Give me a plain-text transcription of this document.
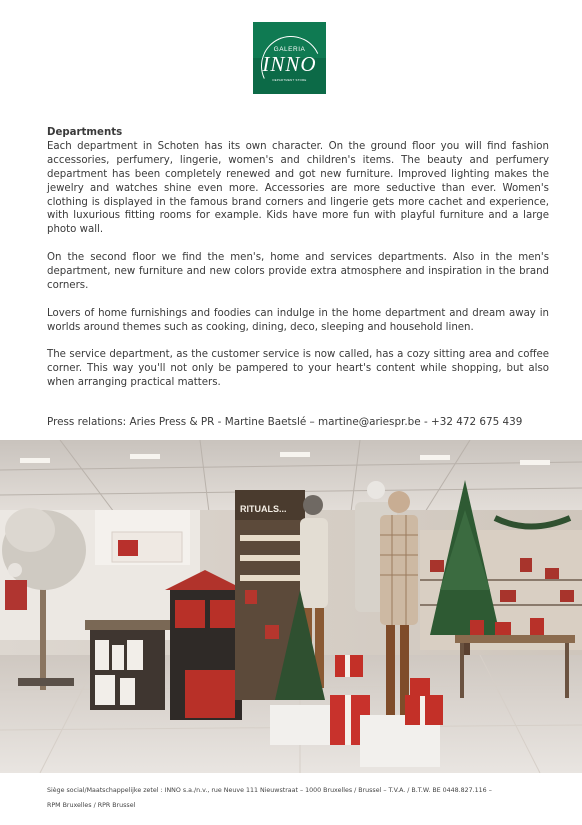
GALERIA
INNO
DEPARTMENT STORE

Departments
Each department in Schoten has its own character. On the ground floor you will find fashion accessories, perfumery, lingerie, women's and children's items. The beauty and perfumery department has been completely renewed and got new furniture. Improved lighting makes the jewelry and watches shine even more. Accessories are more seductive than ever. Women's clothing is displayed in the famous brand corners and lingerie gets more cachet and experience, with luxurious fitting rooms for example. Kids have more fun with playful furniture and a large photo wall.

On the second floor we find the men's, home and services departments. Also in the men's department, new furniture and new colors provide extra atmosphere and inspiration in the brand corners.

Lovers of home furnishings and foodies can indulge in the home department and dream away in worlds around themes such as cooking, dining, deco, sleeping and household linen.

The service department, as the customer service is now called, has a cozy sitting area and coffee corner. This way you'll not only be pampered to your heart's content while shopping, but also when arranging practical matters.

Press relations: Aries Press & PR - Martine Baetslé – martine@ariespr.be - +32 472 675 439
RITUALS...
Siège social/Maatschappelijke zetel : INNO s.a./n.v., rue Neuve 111 Nieuwstraat – 1000 Bruxelles / Brussel – T.V.A. / B.T.W. BE 0448.827.116 –
RPM Bruxelles / RPR Brussel
